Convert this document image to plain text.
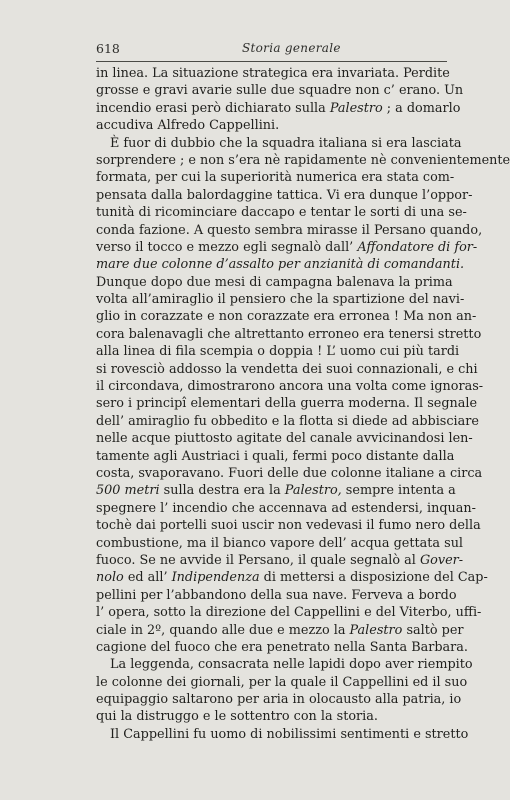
618	Storia generale
in linea. La situazione strategica era invariata. Perdite
grosse e gravi avarie sulle due squadre non c’ erano. Un
incendio erasi però dichiarato sulla Palestro ; a domarlo
accudiva Alfredo Cappellini.
È fuor di dubbio che la squadra italiana si era lasciata
sorprendere ; e non s’era nè rapidamente nè convenientemente
formata, per cui la superiorità numerica era stata com-
pensata dalla balordaggine tattica. Vi era dunque l’oppor-
tunità di ricominciare daccapo e tentar le sorti di una se-
conda fazione. A questo sembra mirasse il Persano quando,
verso il tocco e mezzo egli segnalò dall’ Affondatore di for-
mare due colonne d’assalto per anzianità di comandanti.
Dunque dopo due mesi di campagna balenava la prima
volta all’amiraglio il pensiero che la spartizione del navi-
glio in corazzate e non corazzate era erronea ! Ma non an-
cora balenavagli che altrettanto erroneo era tenersi stretto
alla linea di fila scempia o doppia ! L’ uomo cui più tardi
si rovesciò addosso la vendetta dei suoi connazionali, e chi
il circondava, dimostrarono ancora una volta come ignoras-
sero i principî elementari della guerra moderna. Il segnale
dell’ amiraglio fu obbedito e la flotta si diede ad abbisciare
nelle acque piuttosto agitate del canale avvicinandosi len-
tamente agli Austriaci i quali, fermi poco distante dalla
costa, svaporavano. Fuori delle due colonne italiane a circa
500 metri sulla destra era la Palestro, sempre intenta a
spegnere l’ incendio che accennava ad estendersi, inquan-
tochè dai portelli suoi uscir non vedevasi il fumo nero della
combustione, ma il bianco vapore dell’ acqua gettata sul
fuoco. Se ne avvide il Persano, il quale segnalò al Gover-
nolo ed all’ Indipendenza di mettersi a disposizione del Cap-
pellini per l’abbandono della sua nave. Ferveva a bordo
l’ opera, sotto la direzione del Cappellini e del Viterbo, uffi-
ciale in 2º, quando alle due e mezzo la Palestro saltò per
cagione del fuoco che era penetrato nella Santa Barbara.
La leggenda, consacrata nelle lapidi dopo aver riempito
le colonne dei giornali, per la quale il Cappellini ed il suo
equipaggio saltarono per aria in olocausto alla patria, io
qui la distruggo e le sottentro con la storia.
Il Cappellini fu uomo di nobilissimi sentimenti e stretto
